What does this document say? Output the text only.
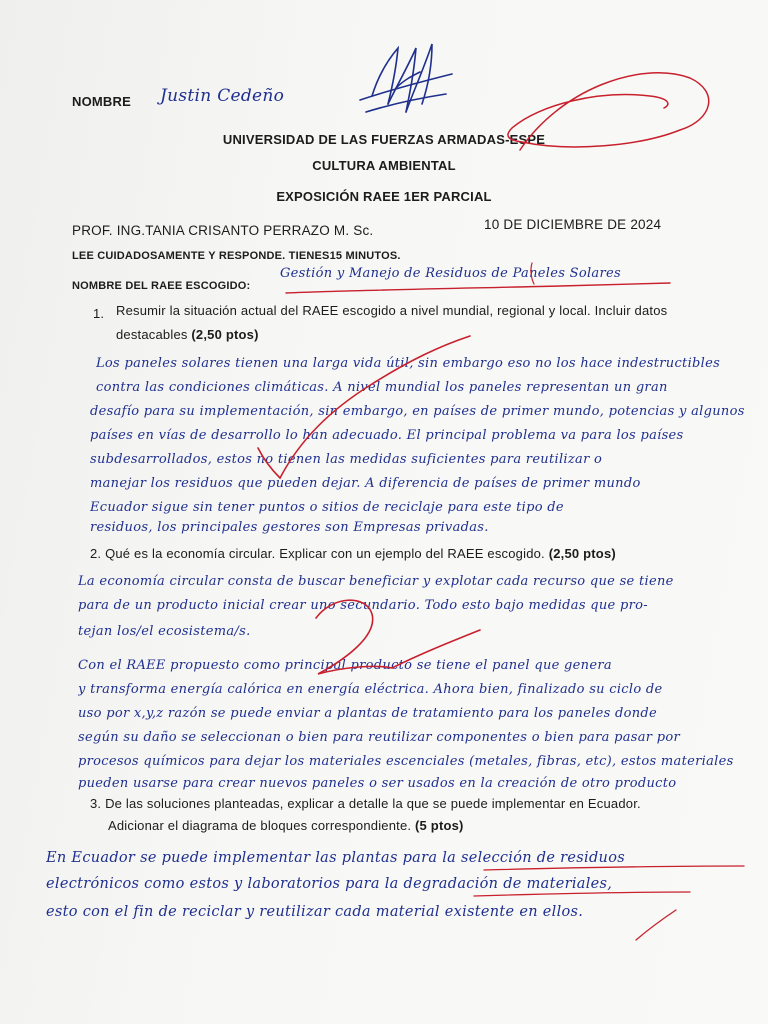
NOMBRE Justin Cedeño
UNIVERSIDAD DE LAS FUERZAS ARMADAS-ESPE
CULTURA AMBIENTAL
EXPOSICIÓN RAEE 1ER PARCIAL
PROF. ING.TANIA CRISANTO PERRAZO M. Sc.	10 DE DICIEMBRE DE 2024
LEE CUIDADOSAMENTE Y RESPONDE. TIENES15 MINUTOS.
NOMBRE DEL RAEE ESCOGIDO:
Gestión y Manejo de Residuos de Paneles Solares
1. Resumir la situación actual del RAEE escogido a nivel mundial, regional y local. Incluir datos
destacables (2,50 ptos)
Los paneles solares tienen una larga vida útil, sin embargo eso no los hace indestructibles
contra las condiciones climáticas. A nivel mundial los paneles representan un gran
desafío para su implementación, sin embargo, en países de primer mundo, potencias y algunos
países en vías de desarrollo lo han adecuado. El principal problema va para los países
subdesarrollados, estos no tienen las medidas suficientes para reutilizar o
manejar los residuos que pueden dejar. A diferencia de países de primer mundo
Ecuador sigue sin tener puntos o sitios de reciclaje para este tipo de
residuos, los principales gestores son Empresas privadas.
2. Qué es la economía circular. Explicar con un ejemplo del RAEE escogido. (2,50 ptos)
La economía circular consta de buscar beneficiar y explotar cada recurso que se tiene
para de un producto inicial crear uno secundario. Todo esto bajo medidas que pro-
tejan los/el ecosistema/s.
Con el RAEE propuesto como principal producto se tiene el panel que genera
y transforma energía calórica en energía eléctrica. Ahora bien, finalizado su ciclo de
uso por x,y,z razón se puede enviar a plantas de tratamiento para los paneles donde
según su daño se seleccionan o bien para reutilizar componentes o bien para pasar por
procesos químicos para dejar los materiales escenciales (metales, fibras, etc), estos materiales
pueden usarse para crear nuevos paneles o ser usados en la creación de otro producto
3. De las soluciones planteadas, explicar a detalle la que se puede implementar en Ecuador.
Adicionar el diagrama de bloques correspondiente. (5 ptos)
En Ecuador se puede implementar las plantas para la selección de residuos
electrónicos como estos y laboratorios para la degradación de materiales,
esto con el fin de reciclar y reutilizar cada material existente en ellos.
